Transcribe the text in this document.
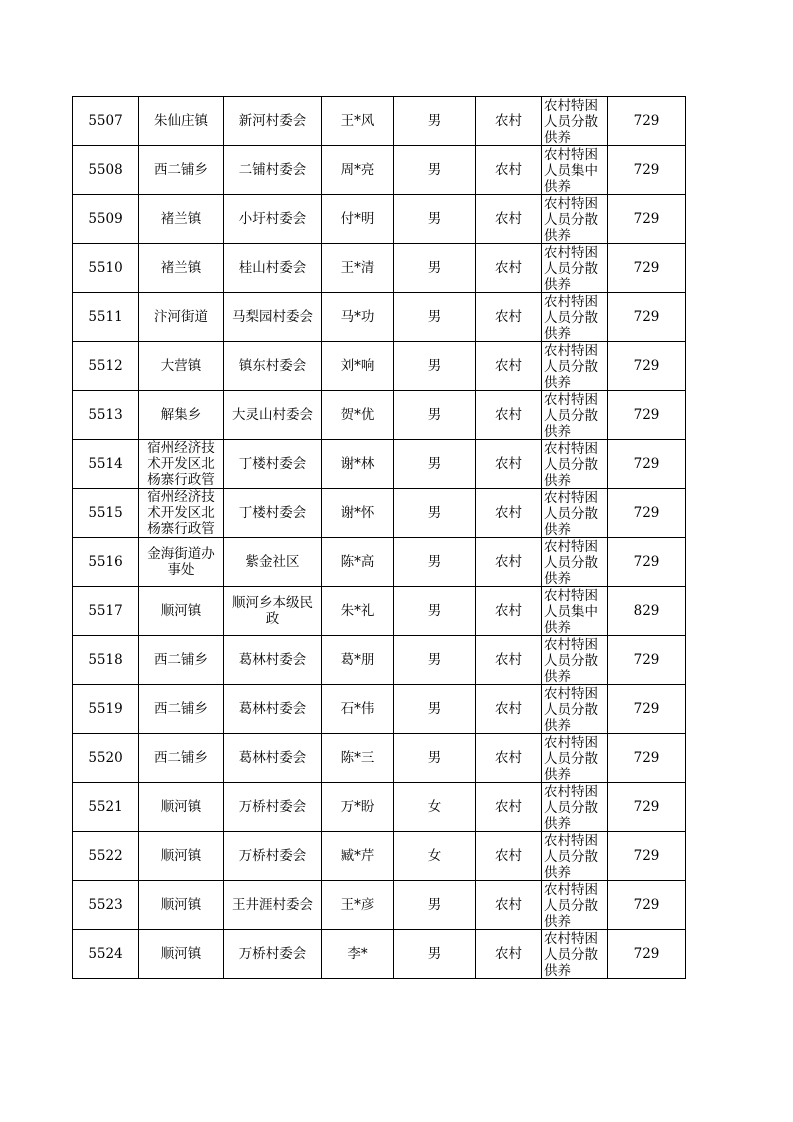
5507	朱仙庄镇	新河村委会	王*风	男	农村	农村特困人员分散供养	729

5508	西二铺乡	二铺村委会	周*亮	男	农村	农村特困人员集中供养	729

5509	褚兰镇	小圩村委会	付*明	男	农村	农村特困人员分散供养	729

5510	褚兰镇	桂山村委会	王*清	男	农村	农村特困人员分散供养	729

5511	汴河街道	马梨园村委会	马*功	男	农村	农村特困人员分散供养	729

5512	大营镇	镇东村委会	刘*响	男	农村	农村特困人员分散供养	729

5513	解集乡	大灵山村委会	贺*优	男	农村	农村特困人员分散供养	729

5514	宿州经济技术开发区北杨寨行政管	丁楼村委会	谢*林	男	农村	农村特困人员分散供养	729

5515	宿州经济技术开发区北杨寨行政管	丁楼村委会	谢*怀	男	农村	农村特困人员分散供养	729

5516	金海街道办事处	紫金社区	陈*高	男	农村	农村特困人员分散供养	729

5517	顺河镇	顺河乡本级民政	朱*礼	男	农村	农村特困人员集中供养	829

5518	西二铺乡	葛林村委会	葛*朋	男	农村	农村特困人员分散供养	729

5519	西二铺乡	葛林村委会	石*伟	男	农村	农村特困人员分散供养	729

5520	西二铺乡	葛林村委会	陈*三	男	农村	农村特困人员分散供养	729

5521	顺河镇	万桥村委会	万*盼	女	农村	农村特困人员分散供养	729

5522	顺河镇	万桥村委会	臧*芹	女	农村	农村特困人员分散供养	729

5523	顺河镇	王井涯村委会	王*彦	男	农村	农村特困人员分散供养	729

5524	顺河镇	万桥村委会	李*	男	农村	农村特困人员分散供养	729
